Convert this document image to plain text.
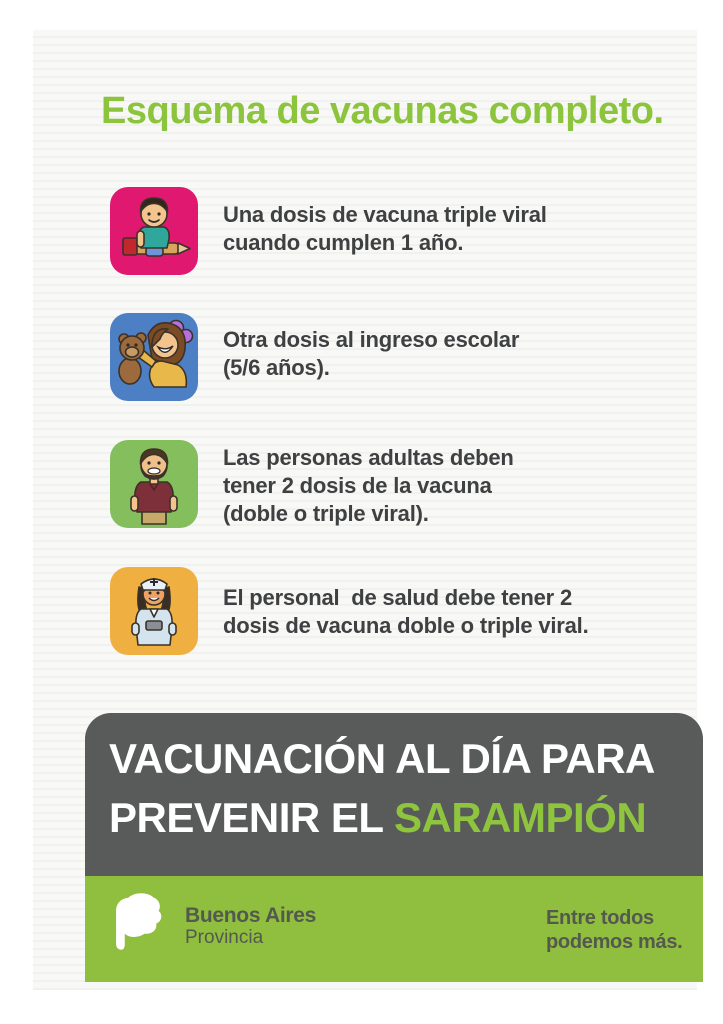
Esquema de vacunas completo.
Una dosis de vacuna triple viral
cuando cumplen 1 año.
Otra dosis al ingreso escolar
(5/6 años).
Las personas adultas deben
tener 2 dosis de la vacuna
(doble o triple viral).
El personal  de salud debe tener 2
dosis de vacuna doble o triple viral.
VACUNACIÓN AL DÍA PARA
PREVENIR EL SARAMPIÓN
Buenos Aires
Provincia
Entre todos
podemos más.
